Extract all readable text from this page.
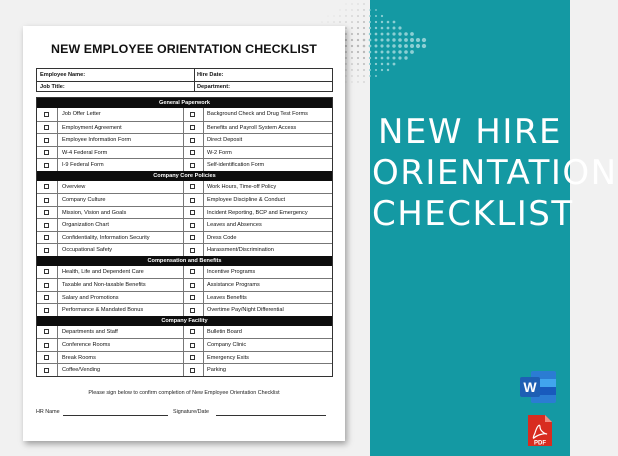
NEW HIRE
ORIENTATION
CHECKLIST
NEW EMPLOYEE ORIENTATION CHECKLIST
Employee Name:	Hire Date:
Job Title:	Department:
General Paperwork
Job Offer Letter	Background Check and Drug Test Forms
Employment Agreement	Benefits and Payroll System Access
Employee Information Form	Direct Deposit
W-4 Federal Form	W-2 Form
I-9 Federal Form	Self-identification Form
Company Core Policies
Overview	Work Hours, Time-off Policy
Company Culture	Employee Discipline & Conduct
Mission, Vision and Goals	Incident Reporting, BCP and Emergency
Organization Chart	Leaves and Absences
Confidentiality, Information Security	Dress Code
Occupational Safety	Harassment/Discrimination
Compensation and Benefits
Health, Life and Dependent Care	Incentive Programs
Taxable and Non-taxable Benefits	Assistance Programs
Salary and Promotions	Leaves Benefits
Performance & Mandated Bonus	Overtime Pay/Night Differential
Company Facility
Departments and Staff	Bulletin Board
Conference Rooms	Company Clinic
Break Rooms	Emergency Exits
Coffee/Vending	Parking
Please sign below to confirm completion of New Employee Orientation Checklist
HR Name	Signature/Date
W
PDF
